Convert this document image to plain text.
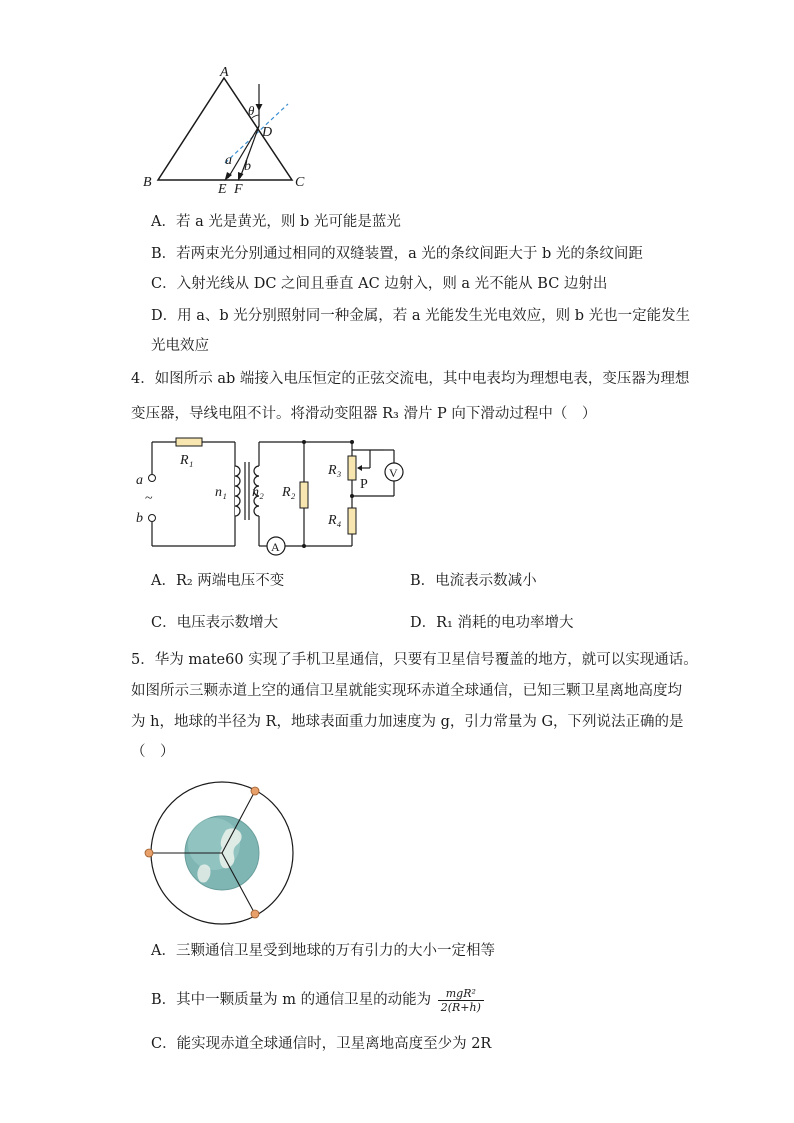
A
B	C
D
θ
a b
E F
A．若 a 光是黄光，则 b 光可能是蓝光
B．若两束光分别通过相同的双缝装置，a 光的条纹间距大于 b 光的条纹间距
C．入射光线从 DC 之间且垂直 AC 边射入，则 a 光不能从 BC 边射出
D．用 a、b 光分别照射同一种金属，若 a 光能发生光电效应，则 b 光也一定能发生
光电效应
4．如图所示 ab 端接入电压恒定的正弦交流电，其中电表均为理想电表，变压器为理想
变压器，导线电阻不计。将滑动变阻器 R₃ 滑片 P 向下滑动过程中（　）
R₁
a
~
b
n₁ n₂ R₂
R₃
P
R₄
V
A
A．R₂ 两端电压不变	B．电流表示数减小
C．电压表示数增大	D．R₁ 消耗的电功率增大
5．华为 mate60 实现了手机卫星通信，只要有卫星信号覆盖的地方，就可以实现通话。
如图所示三颗赤道上空的通信卫星就能实现环赤道全球通信，已知三颗卫星离地高度均
为 h，地球的半径为 R，地球表面重力加速度为 g，引力常量为 G，下列说法正确的是
（　）
A．三颗通信卫星受到地球的万有引力的大小一定相等
B．其中一颗质量为 m 的通信卫星的动能为 $\frac{\text{mgR²}}{2(R+h)}$
C．能实现赤道全球通信时，卫星离地高度至少为 2R
